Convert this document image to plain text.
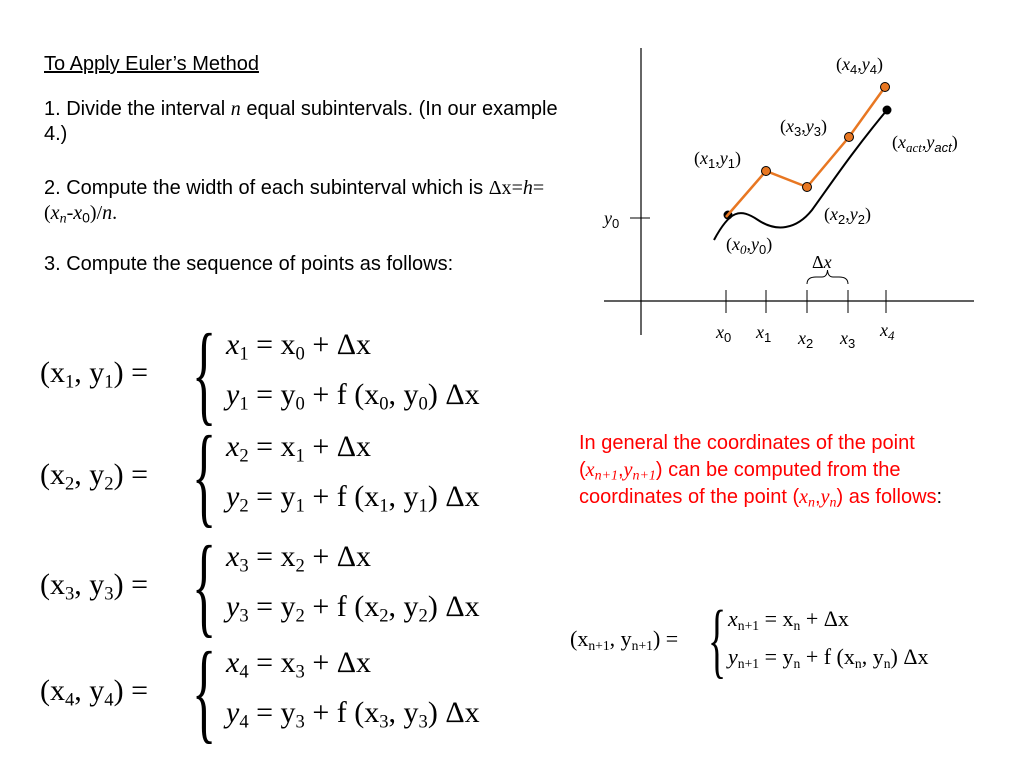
To Apply Euler’s Method
1. Divide the interval n equal subintervals. (In our example 4.)
2. Compute the width of each subinterval which is $\Delta x=h=(x_n-x_0)/n$.
3. Compute the sequence of points as follows:
($x_1$, $y_1$) = { $x_1 = x_0 + \Delta x$
$y_1 = y_0 + f$ ($x_0$, $y_0$) Δx
($x_2$, $y_2$) = { $x_2 = x_1 + \Delta x$
$y_2 = y_1 + f$ ($x_1$, $y_1$) Δx
($x_3$, $y_3$) = { $x_3 = x_2 + \Delta x$
$y_3 = y_2 + f$ ($x_2$, $y_2$) Δx
($x_4$, $y_4$) = { $x_4 = x_3 + \Delta x$
$y_4 = y_3 + f$ ($x_3$, $y_3$) Δx
In general the coordinates of the point $(x_{n+1},y_{n+1})$ can be computed from the coordinates of the point $(x_n,y_n)$ as follows:
($x_{n+1}$, $y_{n+1}$) = { $x_{n+1} = x_n + \Delta x$
$y_{n+1} = y_n + f$ ($x_n$, $y_n$) Δx
$y_0$
$x_0$ $x_1$ $x_2$ $x_3$
$x_4$
Δx
$(x_4,y_4)$
$(x_3,y_3)$
$(x_{act},y_{act})$
$(x_1,y_1)$
$(x_2,y_2)$
$(x_0,y_0)$
